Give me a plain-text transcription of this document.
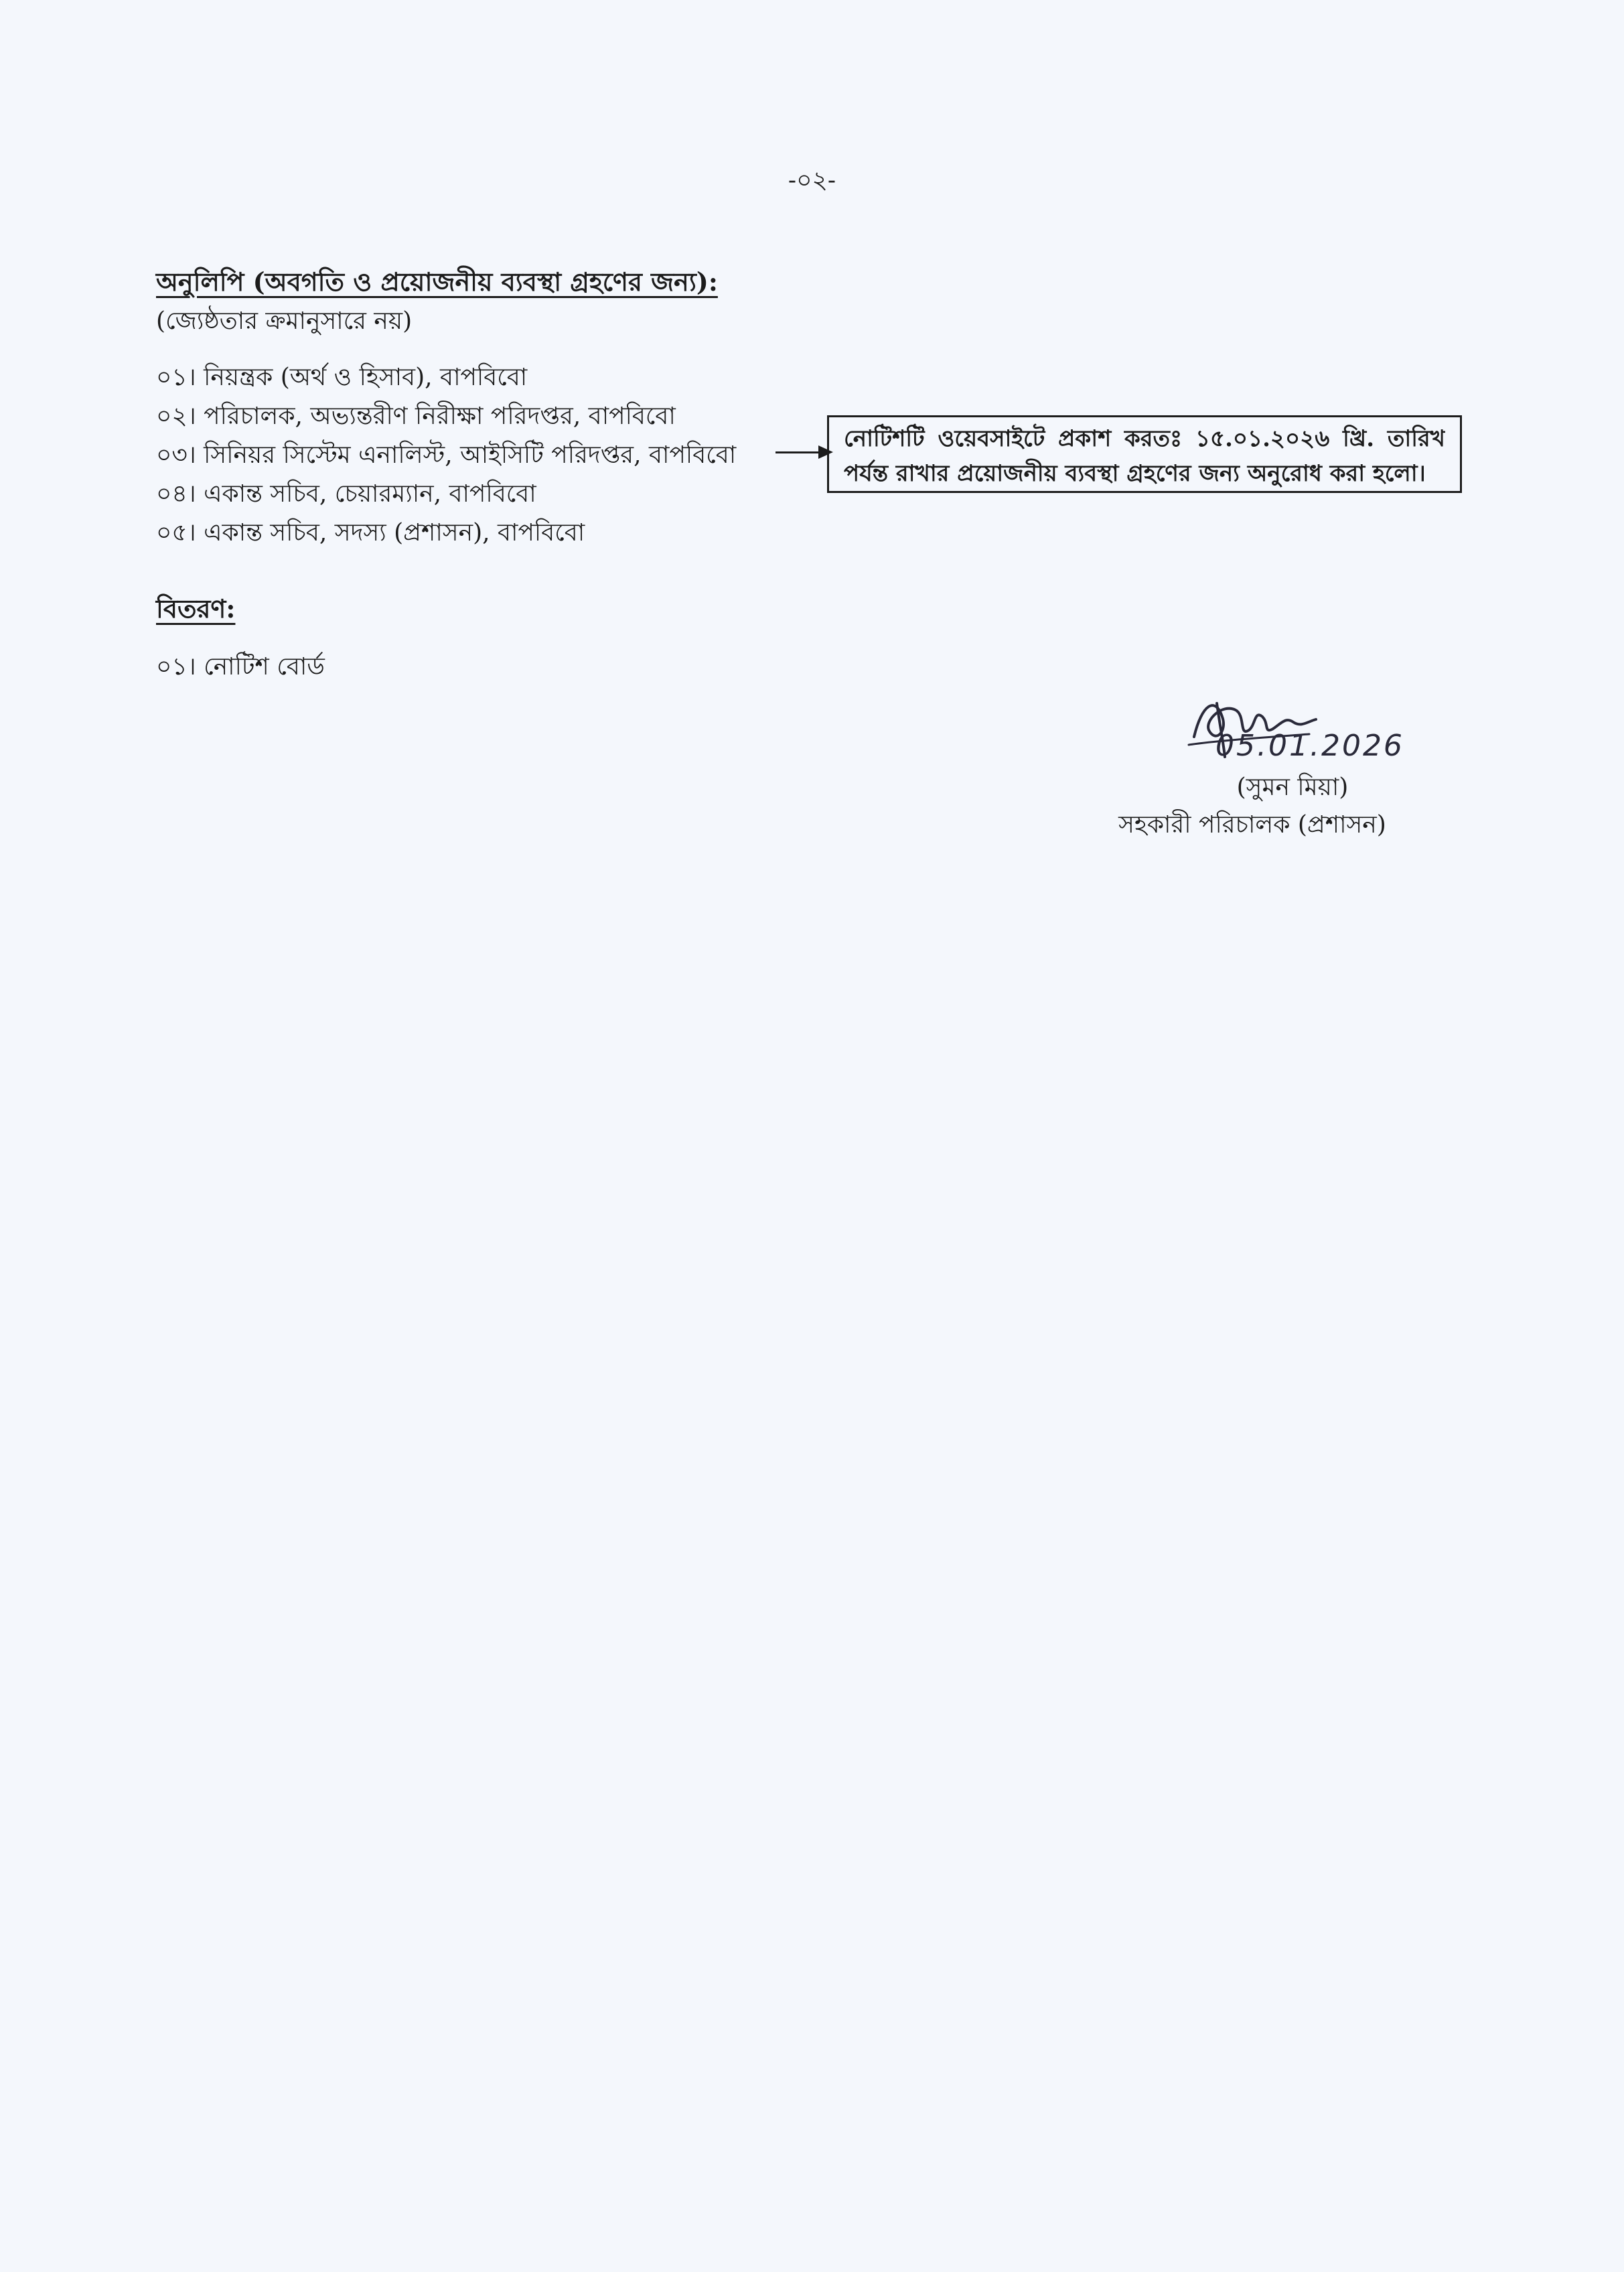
-০২-
অনুলিপি (অবগতি ও প্রয়োজনীয় ব্যবস্থা গ্রহণের জন্য):
(জ্যেষ্ঠতার ক্রমানুসারে নয়)
০১। নিয়ন্ত্রক (অর্থ ও হিসাব), বাপবিবো
০২। পরিচালক, অভ্যন্তরীণ নিরীক্ষা পরিদপ্তর, বাপবিবো
০৩। সিনিয়র সিস্টেম এনালিস্ট, আইসিটি পরিদপ্তর, বাপবিবো
০৪। একান্ত সচিব, চেয়ারম্যান, বাপবিবো
০৫। একান্ত সচিব, সদস্য (প্রশাসন), বাপবিবো
নোটিশটি ওয়েবসাইটে প্রকাশ করতঃ ১৫.০১.২০২৬ খ্রি. তারিখ
পর্যন্ত রাখার প্রয়োজনীয় ব্যবস্থা গ্রহণের জন্য অনুরোধ করা হলো।
বিতরণ:
০১। নোটিশ বোর্ড
05.01.2026
(সুমন মিয়া)
সহকারী পরিচালক (প্রশাসন)
